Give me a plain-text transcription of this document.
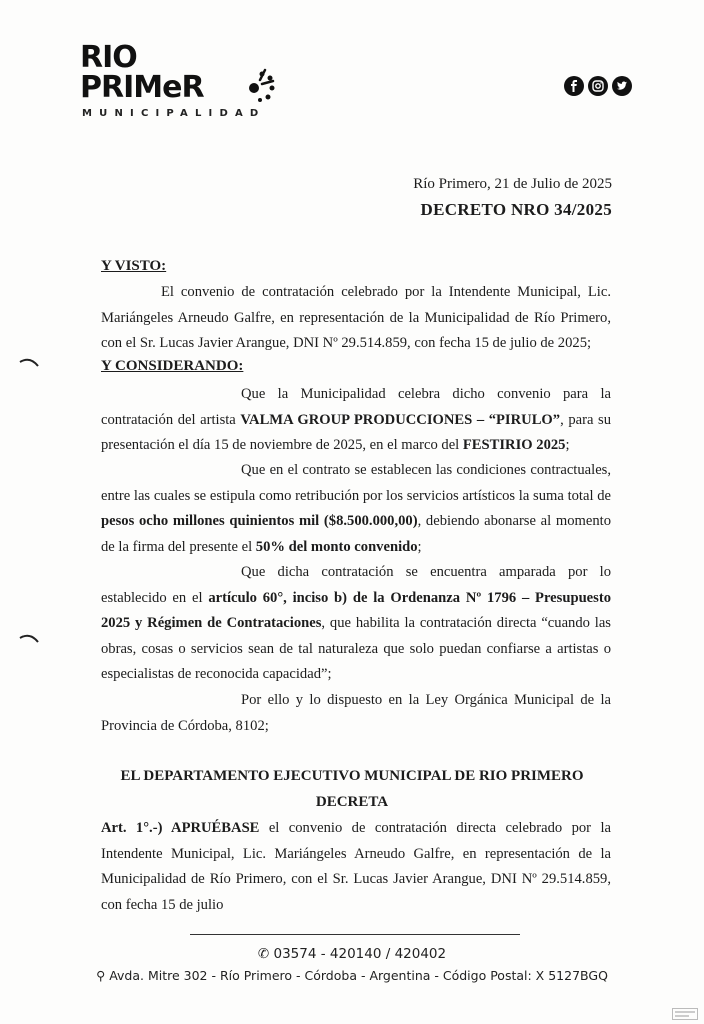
RIO
PRIMeR
MUNICIPALIDAD
Río Primero, 21 de Julio de 2025
DECRETO NRO 34/2025
Y VISTO:
El convenio de contratación celebrado por la Intendente Municipal, Lic. Mariángeles Arneudo Galfre, en representación de la Municipalidad de Río Primero, con el Sr. Lucas Javier Arangue, DNI Nº 29.514.859, con fecha 15 de julio de 2025;
Y CONSIDERANDO:
Que la Municipalidad celebra dicho convenio para la contratación del artista VALMA GROUP PRODUCCIONES – “PIRULO”, para su presentación el día 15 de noviembre de 2025, en el marco del FESTIRIO 2025;
Que en el contrato se establecen las condiciones contractuales, entre las cuales se estipula como retribución por los servicios artísticos la suma total de pesos ocho millones quinientos mil ($8.500.000,00), debiendo abonarse al momento de la firma del presente el 50% del monto convenido;
Que dicha contratación se encuentra amparada por lo establecido en el artículo 60°, inciso b) de la Ordenanza Nº 1796 – Presupuesto 2025 y Régimen de Contrataciones, que habilita la contratación directa “cuando las obras, cosas o servicios sean de tal naturaleza que solo puedan confiarse a artistas o especialistas de reconocida capacidad”;
Por ello y lo dispuesto en la Ley Orgánica Municipal de la Provincia de Córdoba, 8102;
EL DEPARTAMENTO EJECUTIVO MUNICIPAL DE RIO PRIMERO
DECRETA
Art. 1°.-) APRUÉBASE el convenio de contratación directa celebrado por la Intendente Municipal, Lic. Mariángeles Arneudo Galfre, en representación de la Municipalidad de Río Primero, con el Sr. Lucas Javier Arangue, DNI Nº 29.514.859, con fecha 15 de julio
✆ 03574 - 420140 / 420402
⚲ Avda. Mitre 302 - Río Primero - Córdoba - Argentina - Código Postal: X 5127BGQ
